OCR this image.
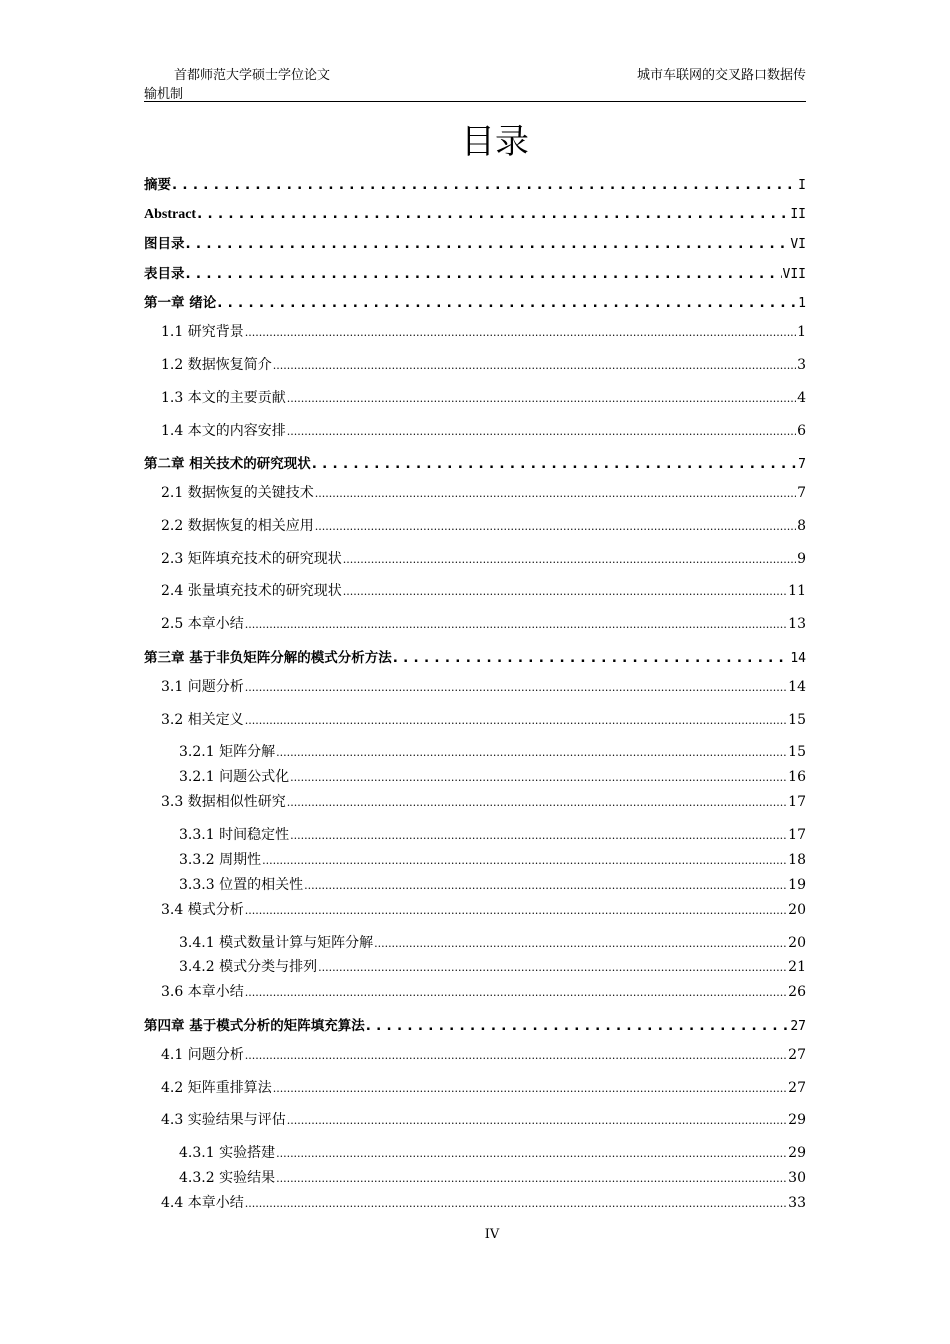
首都师范大学硕士学位论文	城市车联网的交叉路口数据传
输机制
目录
摘要 . . .	I
Abstract . . .	II
图目录 . . .	VI
表目录 . . .	VII
第一章 绪论 . . .	1
1.1 研究背景 .....	1
1.2 数据恢复简介 .....	3
1.3 本文的主要贡献 .....	4
1.4 本文的内容安排 .....	6
第二章 相关技术的研究现状 . . .	7
2.1 数据恢复的关键技术 .....	7
2.2 数据恢复的相关应用 .....	8
2.3 矩阵填充技术的研究现状 .....	9
2.4 张量填充技术的研究现状 .....	11
2.5 本章小结 .....	13
第三章 基于非负矩阵分解的模式分析方法 . . .	14
3.1 问题分析 .....	14
3.2 相关定义 .....	15
3.2.1 矩阵分解 .....	15
3.2.1 问题公式化 .....	16
3.3 数据相似性研究 .....	17
3.3.1 时间稳定性 .....	17
3.3.2 周期性 .....	18
3.3.3 位置的相关性 .....	19
3.4 模式分析 .....	20
3.4.1 模式数量计算与矩阵分解 .....	20
3.4.2 模式分类与排列 .....	21
3.6 本章小结 .....	26
第四章 基于模式分析的矩阵填充算法 . . .	27
4.1 问题分析 .....	27
4.2 矩阵重排算法 .....	27
4.3 实验结果与评估 .....	29
4.3.1 实验搭建 .....	29
4.3.2 实验结果 .....	30
4.4 本章小结 .....	33
IV
